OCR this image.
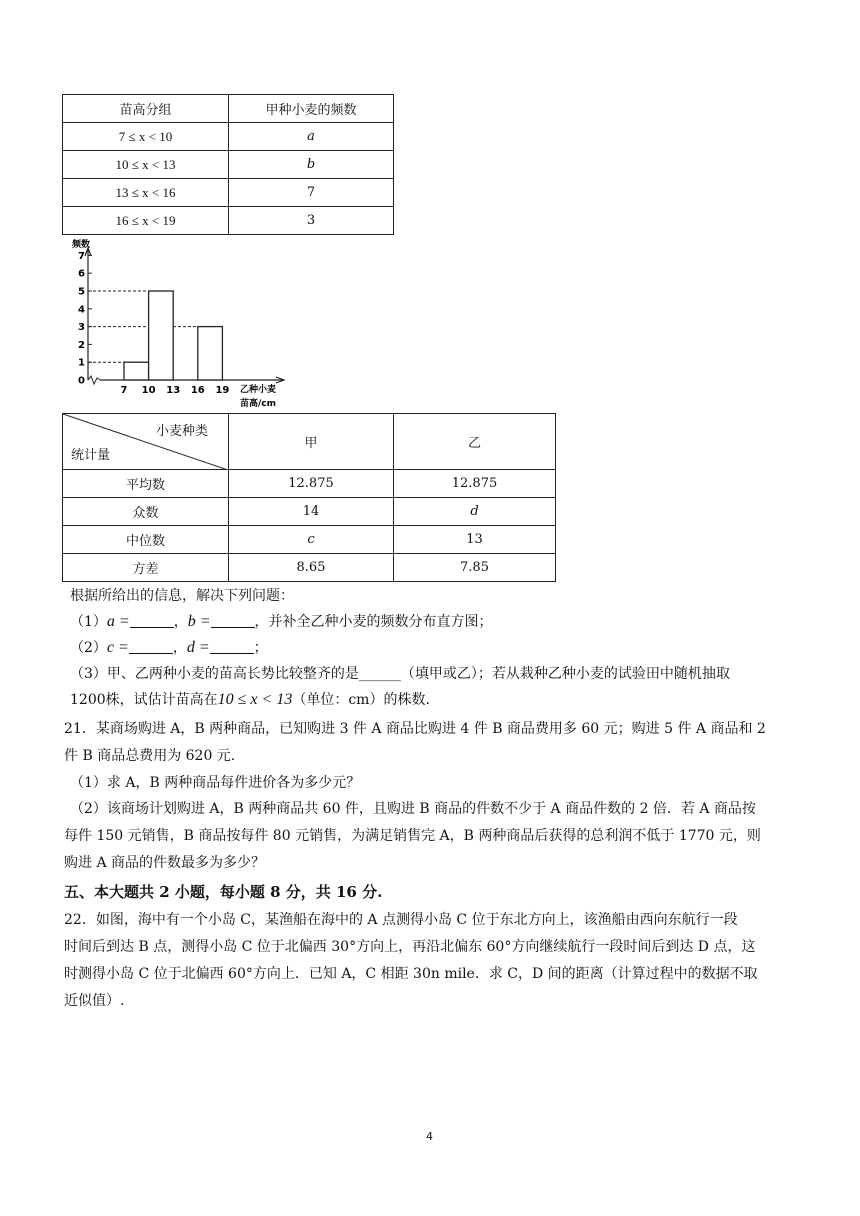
苗高分组	甲种小麦的频数
7 ≤ x < 10	a
10 ≤ x < 13	b
13 ≤ x < 16	7
16 ≤ x < 19	3
频数
0
1
2
3
4
5
6
7
7 10 13 16 19 乙种小麦
苗高/cm
小麦种类
统计量	甲	乙
平均数	12.875	12.875
众数	14	d
中位数	c	13
方差	8.65	7.85
根据所给出的信息，解决下列问题：
（1）a =	，b =	，并补全乙种小麦的频数分布直方图；
（2）c =	，d =	；
（3）甲、乙两种小麦的苗高长势比较整齐的是______（填甲或乙）；若从栽种乙种小麦的试验田中随机抽取
1200株，试估计苗高在10 ≤ x < 13（单位：cm）的株数.
21．某商场购进 A，B 两种商品，已知购进 3 件 A 商品比购进 4 件 B 商品费用多 60 元；购进 5 件 A 商品和 2
件 B 商品总费用为 620 元.
（1）求 A，B 两种商品每件进价各为多少元？
（2）该商场计划购进 A，B 两种商品共 60 件，且购进 B 商品的件数不少于 A 商品件数的 2 倍．若 A 商品按
每件 150 元销售，B 商品按每件 80 元销售，为满足销售完 A，B 两种商品后获得的总利润不低于 1770 元，则
购进 A 商品的件数最多为多少？
五、本大题共 2 小题，每小题 8 分，共 16 分.
22．如图，海中有一个小岛 C，某渔船在海中的 A 点测得小岛 C 位于东北方向上，该渔船由西向东航行一段
时间后到达 B 点，测得小岛 C 位于北偏西 30°方向上，再沿北偏东 60°方向继续航行一段时间后到达 D 点，这
时测得小岛 C 位于北偏西 60°方向上．已知 A，C 相距 30n mile．求 C，D 间的距离（计算过程中的数据不取
近似值）.
4
